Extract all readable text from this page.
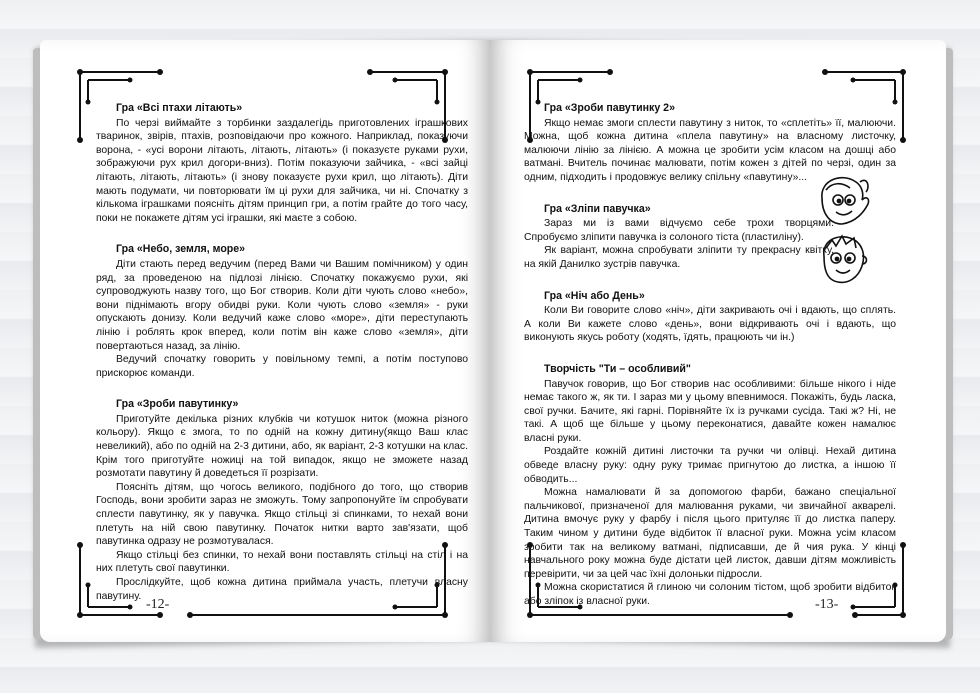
Гра «Всі птахи літають»

По черзі виймайте з торбинки заздалегідь приготовлених іграшкових тваринок, звірів, птахів, розповідаючи про кожного. Наприклад, показуючи ворона, - «усі ворони літають, літають, літають» (і показуєте руками рухи, зображуючи рух крил догори-вниз). Потім показуючи зайчика, - «всі зайці літають, літають, літають» (і знову показуєте рухи крил, що літають). Діти мають подумати, чи повторювати їм ці рухи для зайчика, чи ні. Спочатку з кількома іграшками поясніть дітям принцип гри, а потім грайте до того часу, поки не покажете дітям усі іграшки, які маєте з собою.

Гра «Небо, земля, море»

Діти стають перед ведучим (перед Вами чи Вашим помічником) у один ряд, за проведеною на підлозі лінією. Спочатку покажуємо рухи, які супроводжують назву того, що Бог створив. Коли діти чують слово «небо», вони піднімають вгору обидві руки. Коли чують слово «земля» - руки опускають донизу. Коли ведучий каже слово «море», діти переступають лінію і роблять крок вперед, коли потім він каже слово «земля», діти повертаються назад, за лінію.

Ведучий спочатку говорить у повільному темпі, а потім поступово прискорює команди.

Гра «Зроби павутинку»

Приготуйте декілька різних клубків чи котушок ниток (можна різного кольору). Якщо є змога, то по одній на кожну дитину(якщо Ваш клас невеликий), або по одній на 2-3 дитини, або, як варіант, 2-3 котушки на клас. Крім того приготуйте ножиці на той випадок, якщо не зможете назад розмотати павутину й доведеться її розрізати.

Поясніть дітям, що чогось великого, подібного до того, що створив Господь, вони зробити зараз не зможуть. Тому запропонуйте їм спробувати сплести павутинку, як у павучка. Якщо стільці зі спинками, то нехай вони плетуть на ній свою павутинку. Початок нитки варто зав'язати, щоб павутинка одразу не розмотувалася.

Якщо стільці без спинки, то нехай вони поставлять стільці на стіл і на них плетуть свої павутинки.

Прослідкуйте, щоб кожна дитина приймала участь, плетучи власну павутину.

-12-
Гра «Зроби павутинку 2»

Якщо немає змоги сплести павутину з ниток, то «сплетіть» її, малюючи. Можна, щоб кожна дитина «плела павутину» на власному листочку, малюючи лінію за лінією. А можна це зробити усім класом на дошці або ватмані. Вчитель починає малювати, потім кожен з дітей по черзі, один за одним, підходить і продовжує велику спільну «павутину»...

Гра «Зліпи павучка»

Зараз ми із вами відчуємо себе трохи творцями. Спробуємо зліпити павучка із солоного тіста (пластиліну).

Як варіант, можна спробувати зліпити ту прекрасну квітку, на якій Данилко зустрів павучка.

Гра «Ніч або День»

Коли Ви говорите слово «ніч», діти закривають очі і вдають, що сплять. А коли Ви кажете слово «день», вони відкривають очі і вдають, що виконують якусь роботу (ходять, їдять, працюють чи ін.)

Творчість "Ти – особливий"

Павучок говорив, що Бог створив нас особливими: більше нікого і ніде немає такого ж, як ти. І зараз ми у цьому впевнимося. Покажіть, будь ласка, свої ручки. Бачите, які гарні. Порівняйте їх із ручками сусіда. Такі ж? Ні, не такі. А щоб ще більше у цьому переконатися, давайте кожен намалює власні руки.

Роздайте кожній дитині листочки та ручки чи олівці. Нехай дитина обведе власну руку: одну руку тримає пригнутою до листка, а іншою її обводить...

Можна намалювати й за допомогою фарби, бажано спеціальної пальчикової, призначеної для малювання руками, чи звичайної акварелі. Дитина вмочує руку у фарбу і після цього притуляє її до листка паперу. Таким чином у дитини буде відбиток її власної руки. Можна усім класом зробити так на великому ватмані, підписавши, де й чия рука. У кінці навчального року можна буде дістати цей листок, давши дітям можливість перевірити, чи за цей час їхні долоньки підросли.

Можна скористатися й глиною чи солоним тістом, щоб зробити відбиток або зліпок із власної руки.	-13-
